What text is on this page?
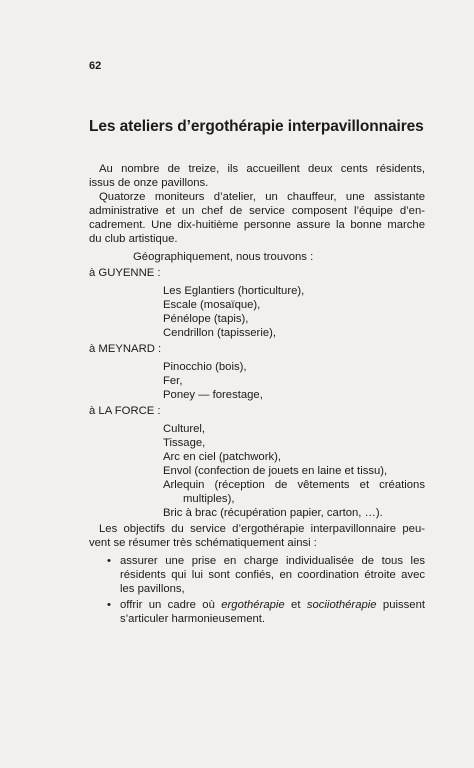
62
Les ateliers d’ergothérapie interpavillonnaires
Au nombre de treize, ils accueillent deux cents résidents,
issus de onze pavillons.
Quatorze moniteurs d’atelier, un chauffeur, une assistante
administrative et un chef de service composent l’équipe d’en-
cadrement. Une dix-huitième personne assure la bonne marche
du club artistique.
Géographiquement, nous trouvons :
à GUYENNE :
Les Eglantiers (horticulture),
Escale (mosaïque),
Pénélope (tapis),
Cendrillon (tapisserie),
à MEYNARD :
Pinocchio (bois),
Fer,
Poney — forestage,
à LA FORCE :
Culturel,
Tissage,
Arc en ciel (patchwork),
Envol (confection de jouets en laine et tissu),
Arlequin (réception de vêtements et créations
multiples),
Bric à brac (récupération papier, carton, …).
Les objectifs du service d’ergothérapie interpavillonnaire peu-
vent se résumer très schématiquement ainsi :
• assurer une prise en charge individualisée de tous les
résidents qui lui sont confiés, en coordination étroite avec
les pavillons,
• offrir un cadre où ergothérapie et sociiothérapie puissent
s’articuler harmonieusement.
